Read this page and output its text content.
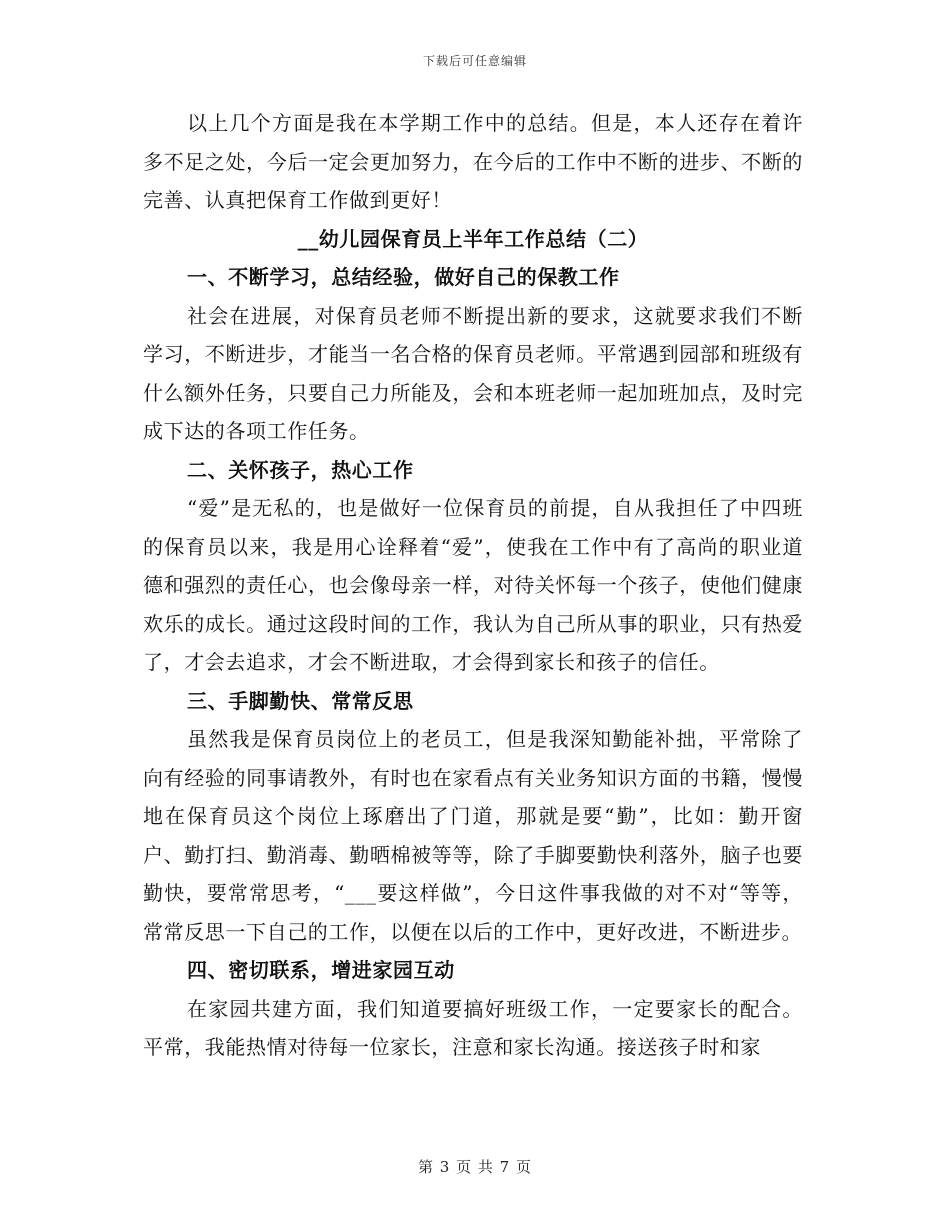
下载后可任意编辑

以上几个方面是我在本学期工作中的总结。但是，本人还存在着许多不足之处，今后一定会更加努力，在今后的工作中不断的进步、不断的完善、认真把保育工作做到更好！

__幼儿园保育员上半年工作总结（二）

一、不断学习，总结经验，做好自己的保教工作

社会在进展，对保育员老师不断提出新的要求，这就要求我们不断学习，不断进步，才能当一名合格的保育员老师。平常遇到园部和班级有什么额外任务，只要自己力所能及，会和本班老师一起加班加点，及时完成下达的各项工作任务。

二、关怀孩子，热心工作

“爱”是无私的，也是做好一位保育员的前提，自从我担任了中四班的保育员以来，我是用心诠释着“爱”，使我在工作中有了高尚的职业道德和强烈的责任心，也会像母亲一样，对待关怀每一个孩子，使他们健康欢乐的成长。通过这段时间的工作，我认为自己所从事的职业，只有热爱了，才会去追求，才会不断进取，才会得到家长和孩子的信任。

三、手脚勤快、常常反思

虽然我是保育员岗位上的老员工，但是我深知勤能补拙，平常除了向有经验的同事请教外，有时也在家看点有关业务知识方面的书籍，慢慢地在保育员这个岗位上琢磨出了门道，那就是要“勤”，比如：勤开窗户、勤打扫、勤消毒、勤晒棉被等等，除了手脚要勤快利落外，脑子也要勤快，要常常思考，“___要这样做”，今日这件事我做的对不对“等等，常常反思一下自己的工作，以便在以后的工作中，更好改进，不断进步。

四、密切联系，增进家园互动

在家园共建方面，我们知道要搞好班级工作，一定要家长的配合。平常，我能热情对待每一位家长，注意和家长沟通。接送孩子时和家

第 3 页 共 7 页
